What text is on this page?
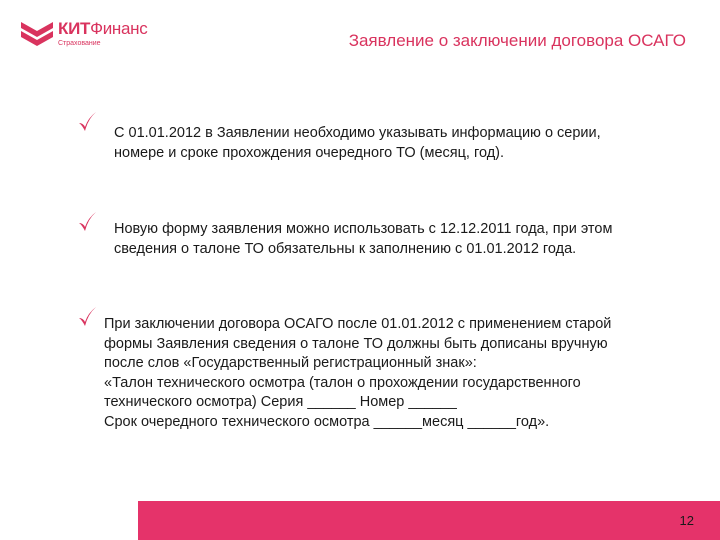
КИТФинанс
Страхование	Заявление о заключении договора ОСАГО
С 01.01.2012 в Заявлении необходимо указывать информацию о серии,
номере и сроке прохождения очередного ТО (месяц, год).
Новую форму заявления можно использовать с 12.12.2011 года, при этом
сведения о талоне ТО обязательны к заполнению с 01.01.2012 года.
При заключении договора ОСАГО после 01.01.2012 с применением старой
формы Заявления сведения о талоне ТО должны быть дописаны вручную
после слов «Государственный регистрационный знак»:
«Талон технического осмотра (талон о прохождении государственного
технического осмотра) Серия ______ Номер ______
Срок очередного технического осмотра ______месяц ______год».
12
